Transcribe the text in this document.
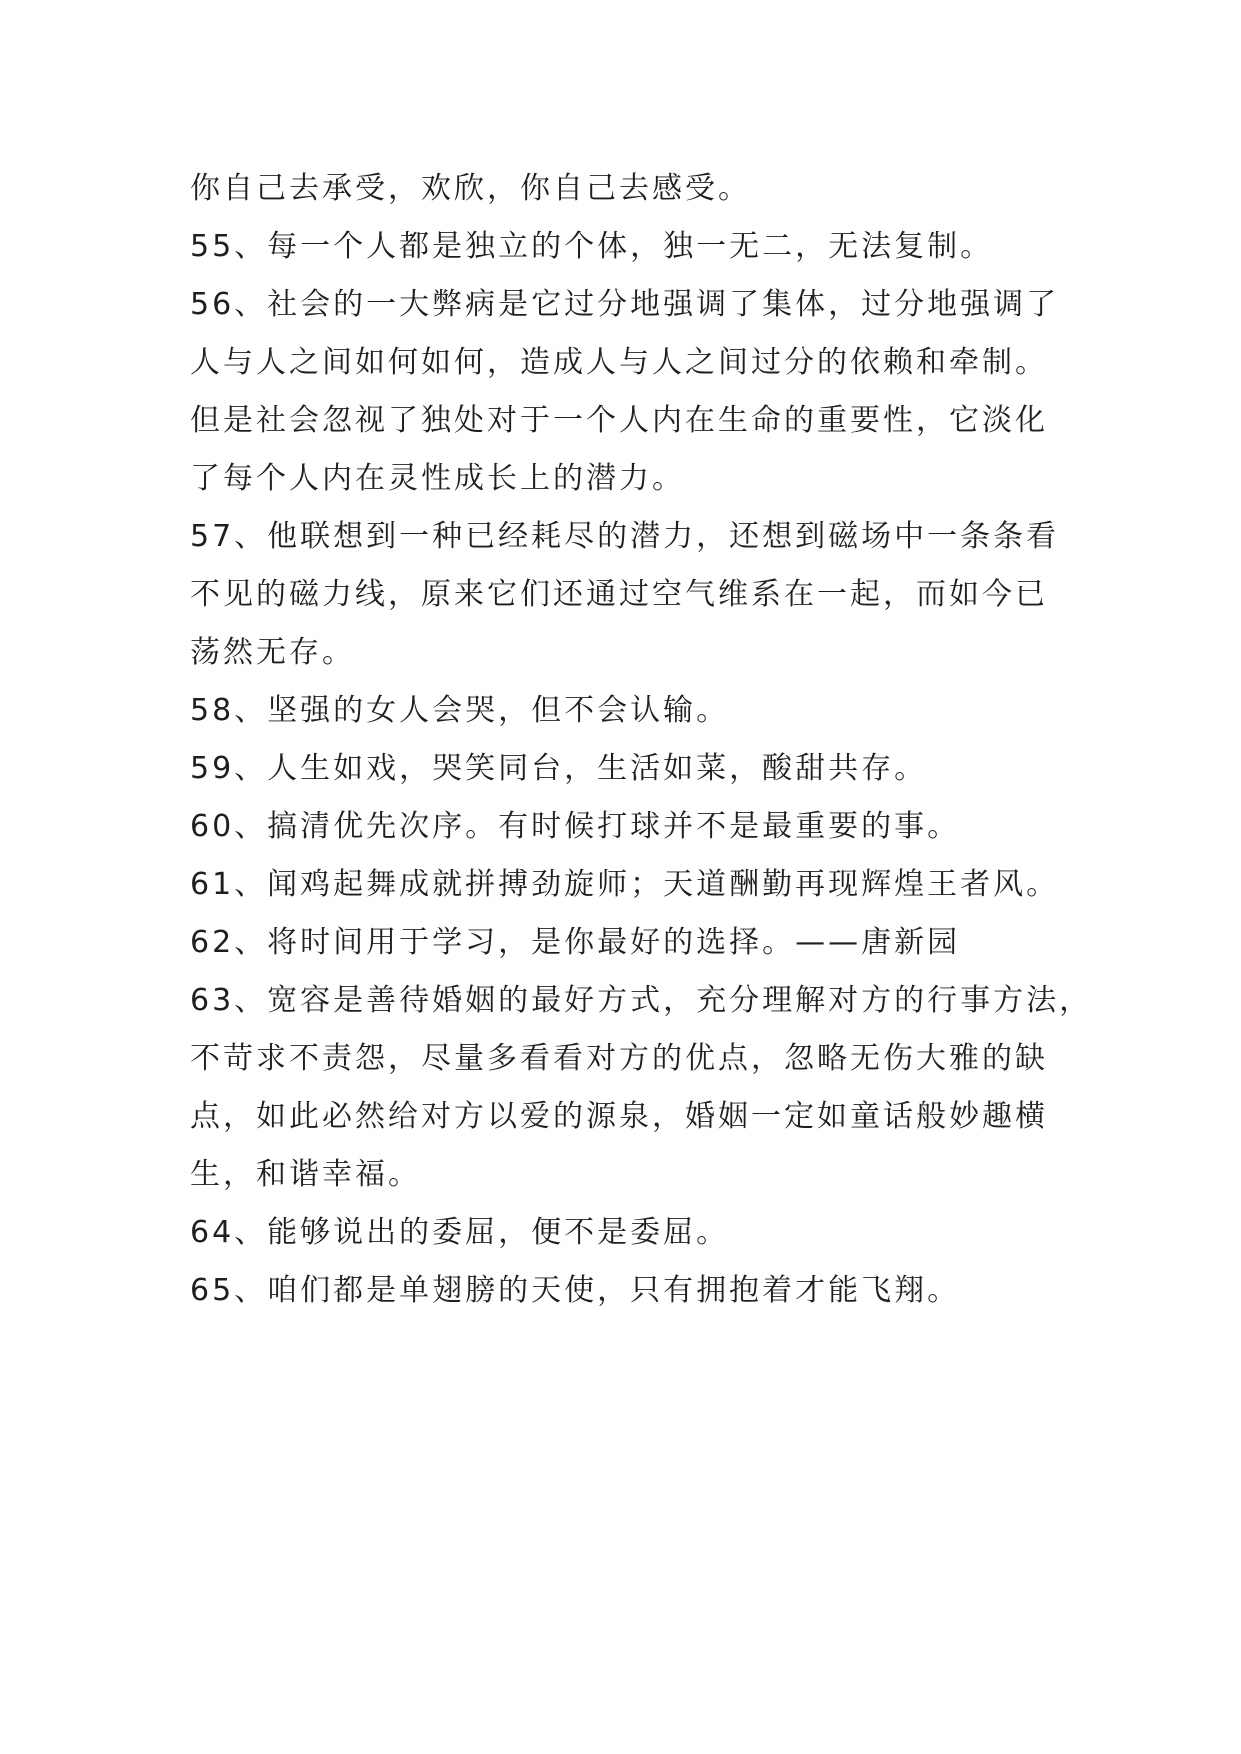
你自己去承受，欢欣，你自己去感受。
55、每一个人都是独立的个体，独一无二，无法复制。
56、社会的一大弊病是它过分地强调了集体，过分地强调了
人与人之间如何如何，造成人与人之间过分的依赖和牵制。
但是社会忽视了独处对于一个人内在生命的重要性，它淡化
了每个人内在灵性成长上的潜力。
57、他联想到一种已经耗尽的潜力，还想到磁场中一条条看
不见的磁力线，原来它们还通过空气维系在一起，而如今已
荡然无存。
58、坚强的女人会哭，但不会认输。
59、人生如戏，哭笑同台，生活如菜，酸甜共存。
60、搞清优先次序。有时候打球并不是最重要的事。
61、闻鸡起舞成就拼搏劲旋师；天道酬勤再现辉煌王者风。
62、将时间用于学习，是你最好的选择。——唐新园
63、宽容是善待婚姻的最好方式，充分理解对方的行事方法，
不苛求不责怨，尽量多看看对方的优点，忽略无伤大雅的缺
点，如此必然给对方以爱的源泉，婚姻一定如童话般妙趣横
生，和谐幸福。
64、能够说出的委屈，便不是委屈。
65、咱们都是单翅膀的天使，只有拥抱着才能飞翔。
